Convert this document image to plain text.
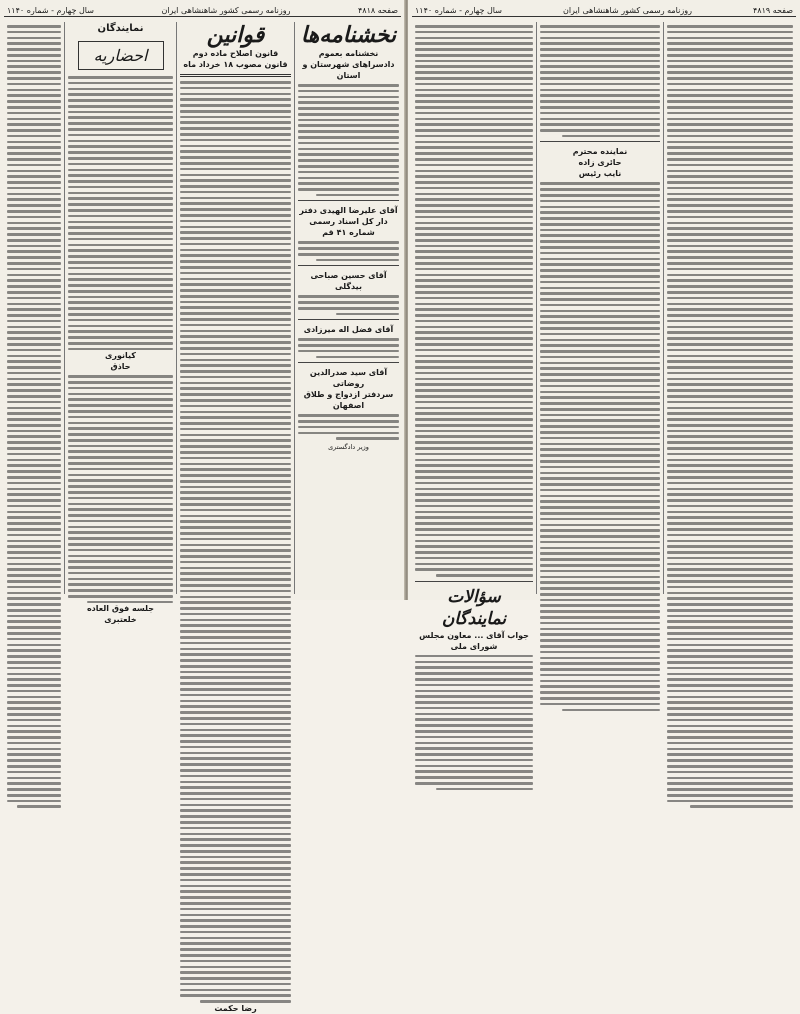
صفحه ۴۸۱۸
روزنامه رسمی کشور شاهنشاهی ایران
سال چهارم - شماره ۱۱۴۰
نخشنامه‌ها
نخشنامه بعموم دادسراهای شهرستان و استان
آقای علیرضا الهیدی دفتر دار کل اسناد رسمی
شماره ۴۱ قم
آقای حسین صباحی بیدگلی
آقای فضل اله میرزادی
آقای سید صدرالدین روضاتی
سردفتر ازدواج و طلاق اصفهان
وزیر دادگستری
قوانین
قانون اصلاح ماده دوم قانون مصوب ۱۸ خرداد ماه
رضا حکمت
نمایندگان
احضاریه
کیانوری
حاذق
جلسه فوق العاده
خلعتبری
صفحه ۴۸۱۹
روزنامه رسمی کشور شاهنشاهی ایران
سال چهارم - شماره ۱۱۴۰
نماینده محترم
حائری زاده
نایب رئیس
سؤالات نمایندگان
جواب آقای ... معاون مجلس شورای ملی
